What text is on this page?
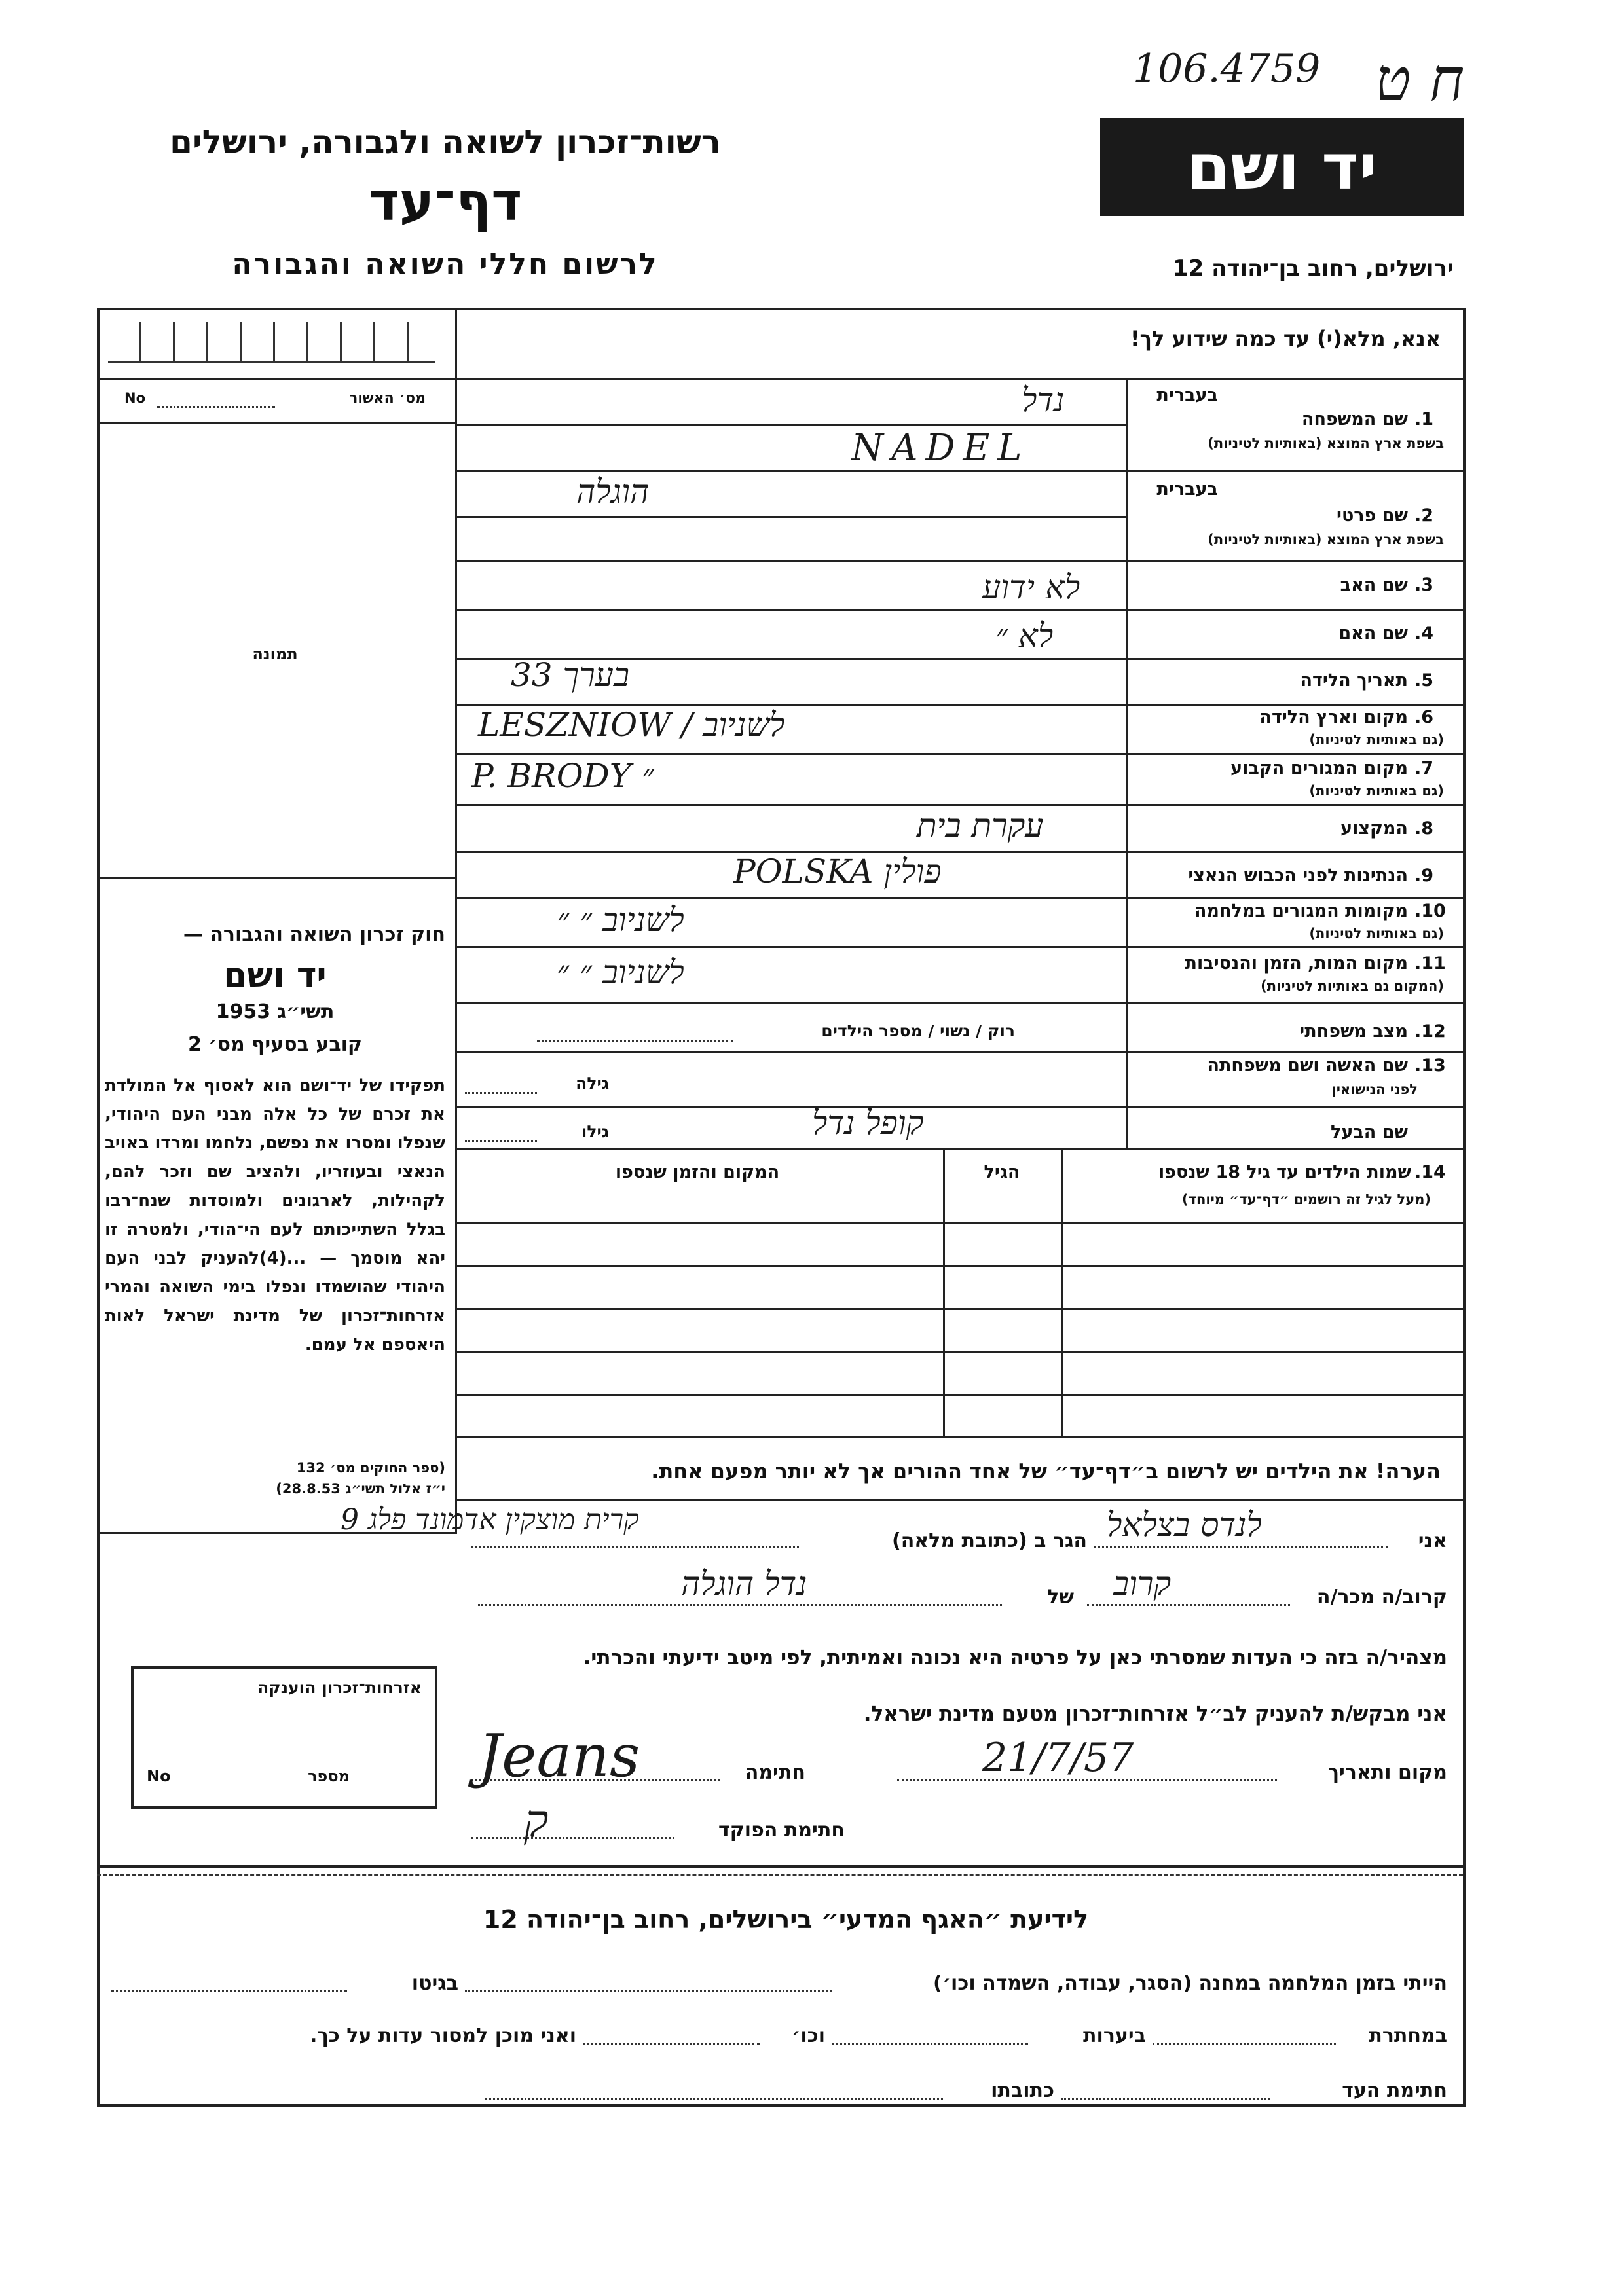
106.4759 ח ט
רשות־זכרון לשואה ולגבורה, ירושלים
דף־עד
לרשום חללי השואה והגבורה
יד ושם
ירושלים, רחוב בן־יהודה 12
אנא, מלא(י) עד כמה שידוע לך!
מס׳ האשור
No
תמונה
חוק זכרון השואה והגבורה —
יד ושם
תשי״ג 1953
קובע בסעיף מס׳ 2
תפקידו של יד־ושם הוא לאסוף אל המולדת את זכרם של כל אלה מבני העם היהודי, שנפלו ומסרו את נפשם, נלחמו ומרדו באויב הנאצי ובעוזריו, ולהציב שם וזכר להם, לקהילות, לארגונים ולמוסדות שנח־רבו בגלל השתייכותם לעם הי־הודי, ולמטרה זו יהא מוסמך — ...(4)להעניק לבני העם היהודי שהושמדו ונפלו בימי השואה והמרי אזרחות־זכרון של מדינת ישראל לאות היאספם אל עמם.
(ספר החוקים מס׳ 132
י״ז אלול תשי״ג 28.8.53)
בעברית
1.
שם המשפחה
בשפת ארץ המוצא (באותיות לטיניות)
נדל
NADEL
בעברית
2.
שם פרטי
בשפת ארץ המוצא (באותיות לטיניות)
הוגלה
3.
שם האב
לא ידוע
4.
שם האם
לא ״
5.
תאריך הלידה
33 בערך
6.
מקום וארץ הלידה
(גם באותיות לטיניות)
LESZNIOW / לשניוב
7.
מקום המגורים הקבוע
(גם באותיות לטיניות)
P. BRODY ״
8.
המקצוע
עקרת בית
9.
הנתינות לפני הכבוש הנאצי
POLSKA פולין
10.
מקומות המגורים במלחמה
(גם באותיות לטיניות)
לשניוב ״ ״
11.
מקום המות, הזמן והנסיבות
(המקום גם באותיות לטיניות)
לשניוב ״ ״
12.
מצב משפחתי
רוק / נשוי / מספר הילדים
13.
שם האשה ושם משפחתה
לפני הנישואין
גילה
שם הבעל
גילו	קופל נדל
14.
שמות הילדים עד גיל 18 שנספו
(מעל לגיל זה רושמים ״דף־עד״ מיוחד)
הגיל
המקום והזמן שנספו
הערה! את הילדים יש לרשום ב״דף־עד״ של אחד ההורים אך לא יותר מפעם אחת.
אני
לנדס בצלאל
הגר ב (כתובת מלאה)
קרית מוצקין אדמונד פלג 9
קרוב/ה מכר/ה
קרוב
של
נדל הוגלה
מצהיר/ה בזה כי העדות שמסרתי כאן על פרטיה היא נכונה ואמיתית, לפי מיטב ידיעתי והכרתי.
אני מבקש/ת להעניק לב״ל אזרחות־זכרון מטעם מדינת ישראל.
מקום ותאריך
21/7/57
חתימה
Jeans
חתימת הפוקד
ק
אזרחות־זכרון הוענקה
מספר
No
לידיעת ״האגף המדעי״ בירושלים, רחוב בן־יהודה 12
הייתי בזמן המלחמה במחנה (הסגר, עבודה, השמדה וכו׳)
בגיטו
במחתרת
ביערות
וכו׳
ואני מוכן למסור עדות על כך.
חתימת העד
כתובתו
